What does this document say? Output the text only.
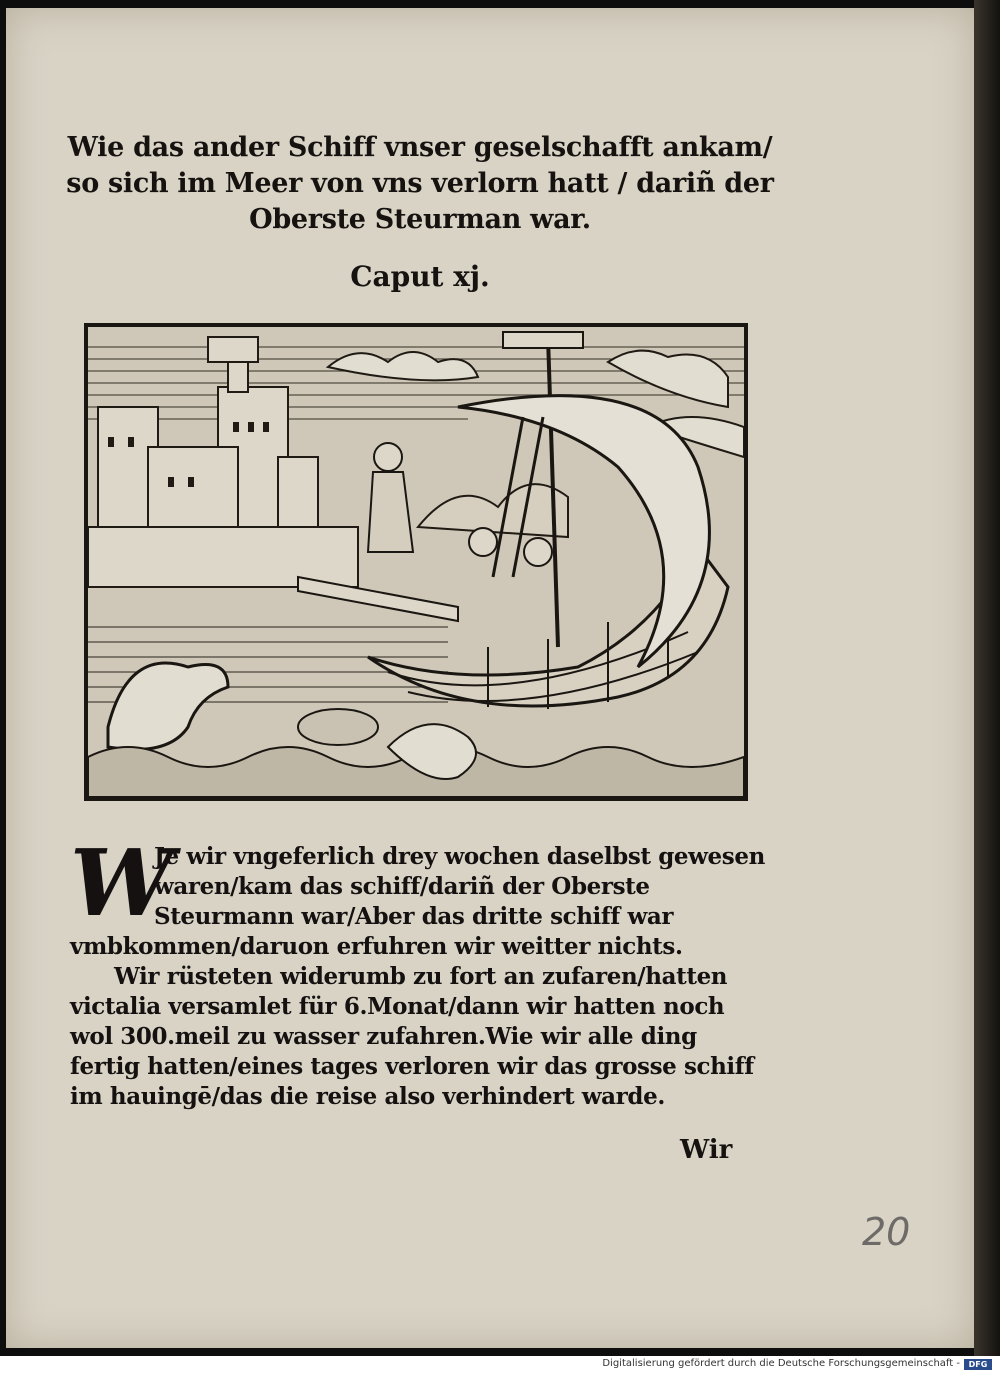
Wie das ander Schiff vnser geselschafft ankam/
so sich im Meer von vns verlorn hatt / dariñ der
Oberste Steurman war.
Caput xj.

W
Je wir vngeferlich drey wochen daselbst gewesen waren/kam das schiff/dariñ der Oberste Steurmann war/Aber das dritte schiff war vmbkommen/daruon erfuhren wir weitter nichts.

Wir rüsteten widerumb zu fort an zufaren/hatten victalia versamlet für 6.Monat/dann wir hatten noch wol 300.meil zu wasser zufahren.Wie wir alle ding fertig hatten/eines tages verloren wir das grosse schiff im hauingē/das die reise also verhindert warde.

Wir
20
Digitalisierung gefördert durch die Deutsche Forschungsgemeinschaft -	DFG
